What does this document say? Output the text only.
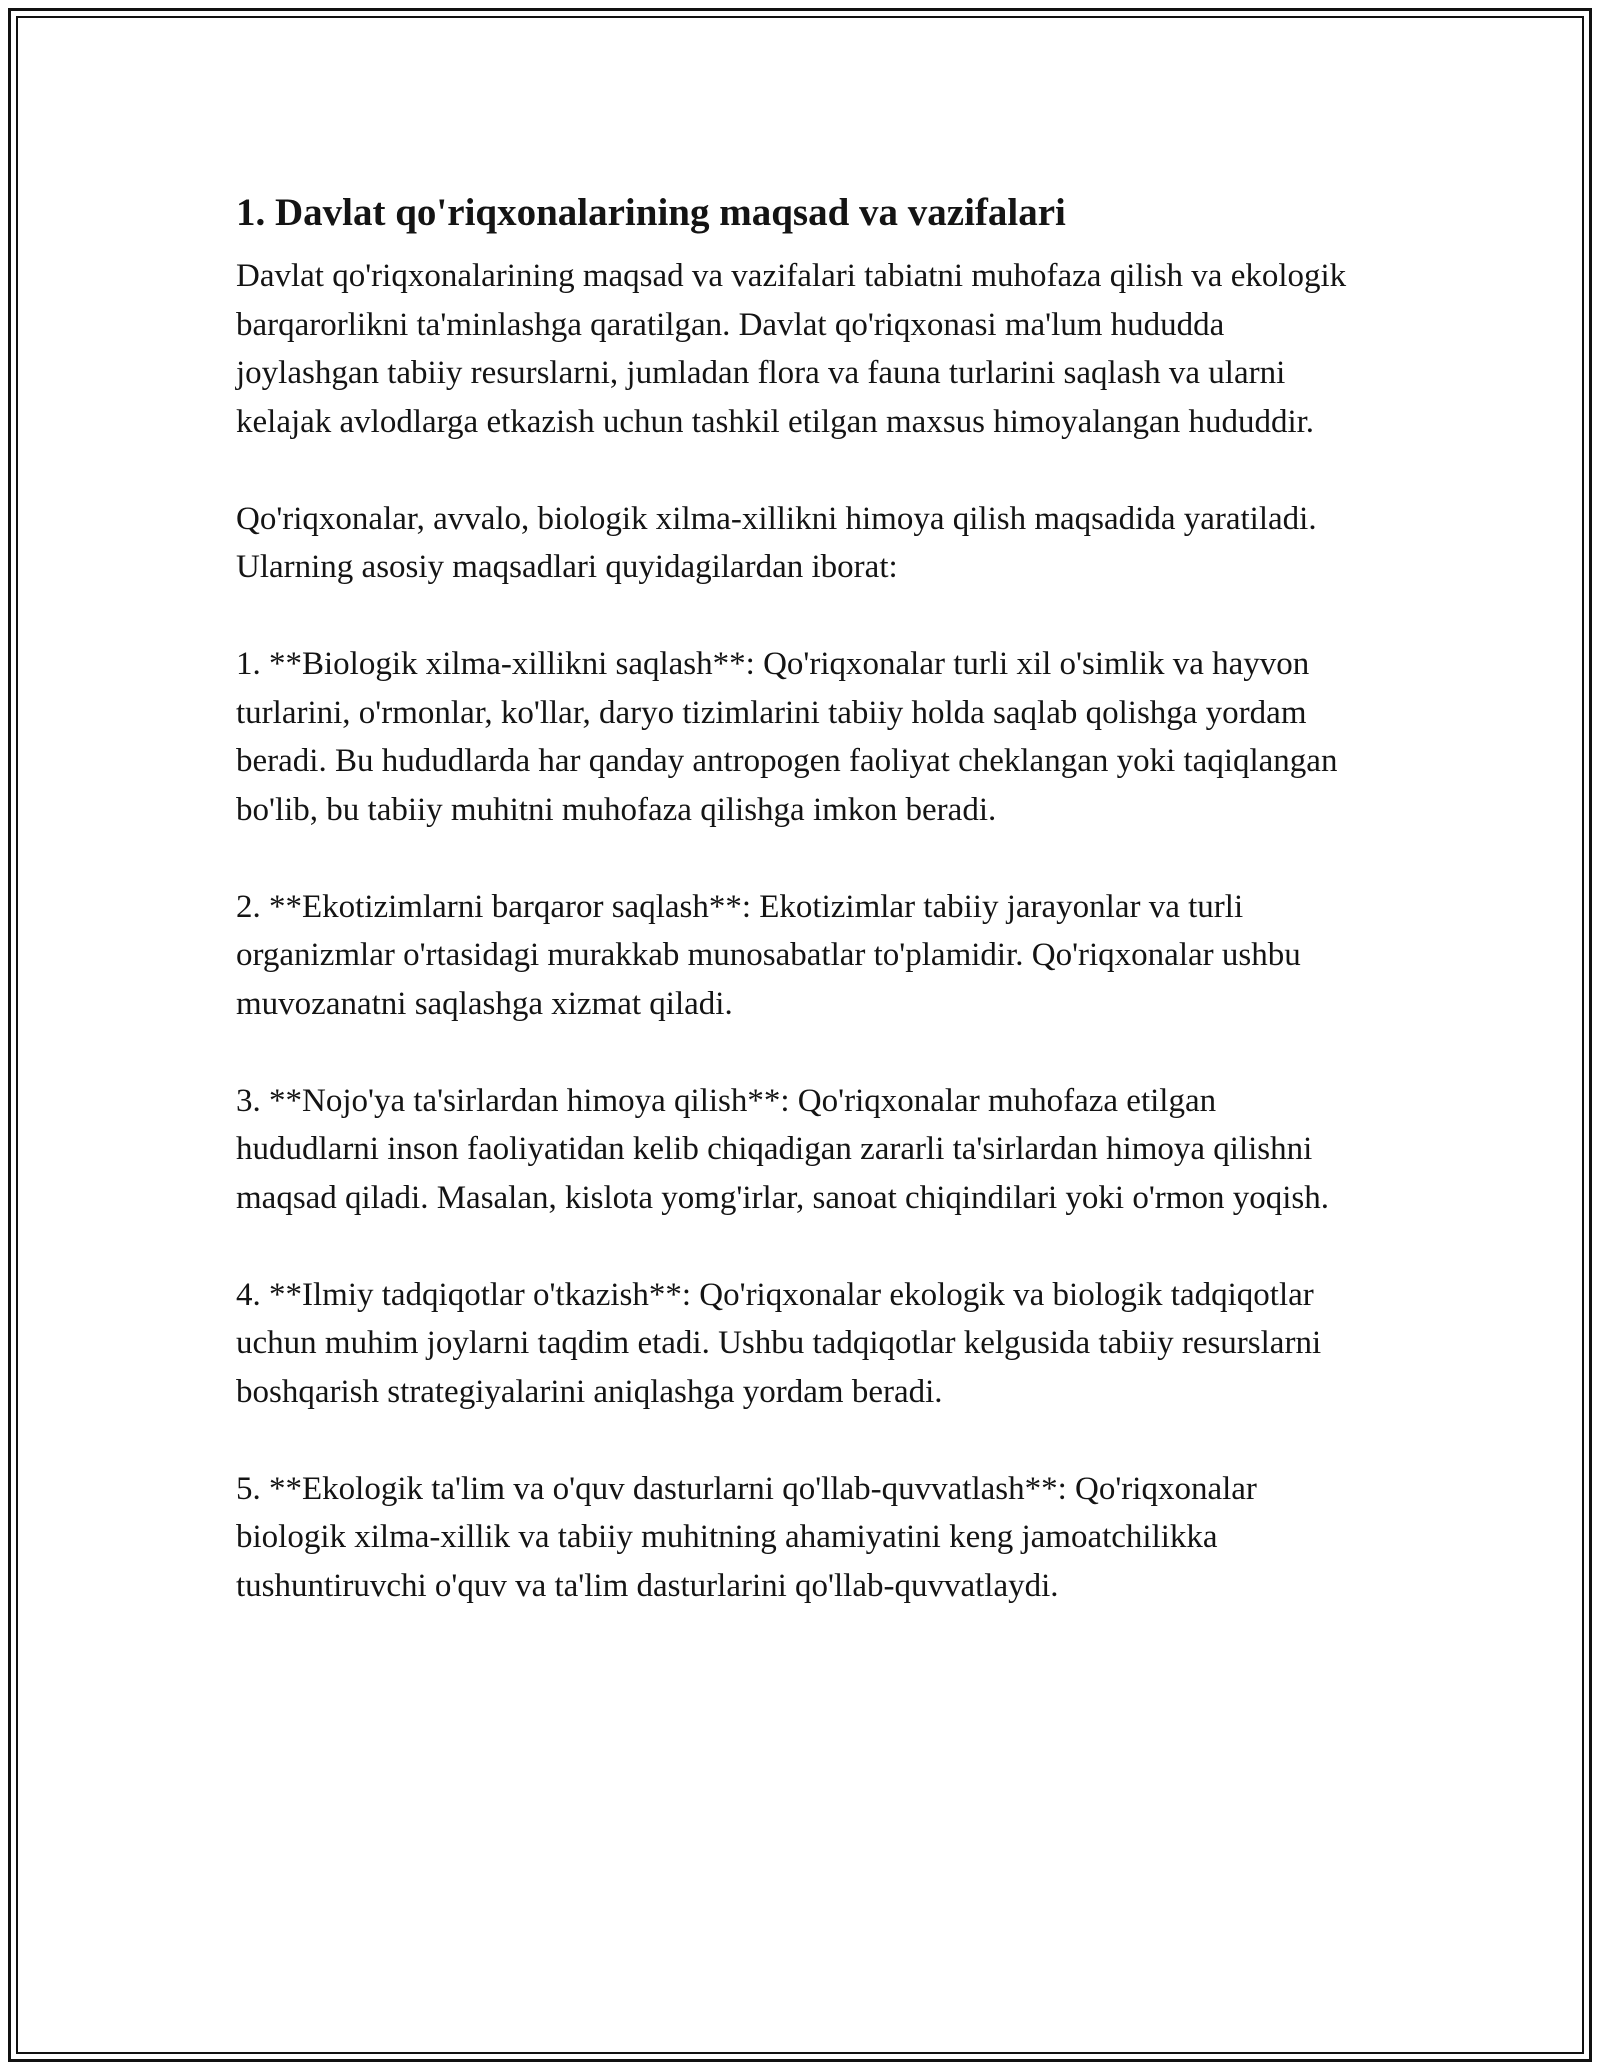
1. Davlat qo'riqxonalarining maqsad va vazifalari

Davlat qo'riqxonalarining maqsad va vazifalari tabiatni muhofaza qilish va ekologik barqarorlikni ta'minlashga qaratilgan. Davlat qo'riqxonasi ma'lum hududda joylashgan tabiiy resurslarni, jumladan flora va fauna turlarini saqlash va ularni kelajak avlodlarga etkazish uchun tashkil etilgan maxsus himoyalangan hududdir.

Qo'riqxonalar, avvalo, biologik xilma-xillikni himoya qilish maqsadida yaratiladi. Ularning asosiy maqsadlari quyidagilardan iborat:

1. **Biologik xilma-xillikni saqlash**: Qo'riqxonalar turli xil o'simlik va hayvon turlarini, o'rmonlar, ko'llar, daryo tizimlarini tabiiy holda saqlab qolishga yordam beradi. Bu hududlarda har qanday antropogen faoliyat cheklangan yoki taqiqlangan bo'lib, bu tabiiy muhitni muhofaza qilishga imkon beradi.

2. **Ekotizimlarni barqaror saqlash**: Ekotizimlar tabiiy jarayonlar va turli organizmlar o'rtasidagi murakkab munosabatlar to'plamidir. Qo'riqxonalar ushbu muvozanatni saqlashga xizmat qiladi.

3. **Nojo'ya ta'sirlardan himoya qilish**: Qo'riqxonalar muhofaza etilgan hududlarni inson faoliyatidan kelib chiqadigan zararli ta'sirlardan himoya qilishni maqsad qiladi. Masalan, kislota yomg'irlar, sanoat chiqindilari yoki o'rmon yoqish.

4. **Ilmiy tadqiqotlar o'tkazish**: Qo'riqxonalar ekologik va biologik tadqiqotlar uchun muhim joylarni taqdim etadi. Ushbu tadqiqotlar kelgusida tabiiy resurslarni boshqarish strategiyalarini aniqlashga yordam beradi.

5. **Ekologik ta'lim va o'quv dasturlarni qo'llab-quvvatlash**: Qo'riqxonalar biologik xilma-xillik va tabiiy muhitning ahamiyatini keng jamoatchilikka tushuntiruvchi o'quv va ta'lim dasturlarini qo'llab-quvvatlaydi.
